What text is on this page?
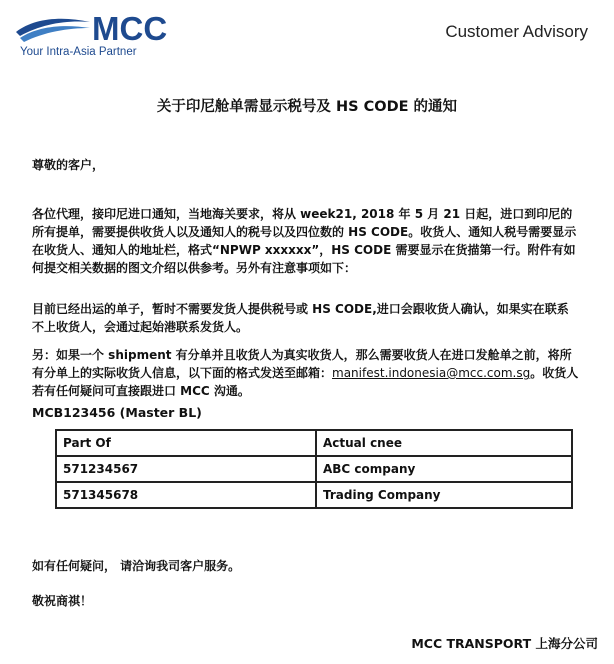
MCC
Your Intra-Asia Partner
Customer Advisory
关于印尼舱单需显示税号及 HS CODE 的通知
尊敬的客户，
各位代理，接印尼进口通知，当地海关要求，将从 week21, 2018 年 5 月 21 日起，进口到印尼的所有提单，需要提供收货人以及通知人的税号以及四位数的 HS CODE。收货人、通知人税号需要显示在收货人、通知人的地址栏，格式“NPWP xxxxxx”，HS CODE 需要显示在货描第一行。附件有如何提交相关数据的图文介绍以供参考。另外有注意事项如下：
目前已经出运的单子，暂时不需要发货人提供税号或 HS CODE,进口会跟收货人确认，如果实在联系不上收货人，会通过起始港联系发货人。
另：如果一个 shipment 有分单并且收货人为真实收货人，那么需要收货人在进口发舱单之前，将所有分单上的实际收货人信息，以下面的格式发送至邮箱：manifest.indonesia@mcc.com.sg。收货人若有任何疑问可直接跟进口 MCC 沟通。
MCB123456 (Master BL)
Part Of	Actual cnee
571234567	ABC company
571345678	Trading Company
如有任何疑问， 请洽询我司客户服务。
敬祝商祺！
MCC TRANSPORT 上海分公司
